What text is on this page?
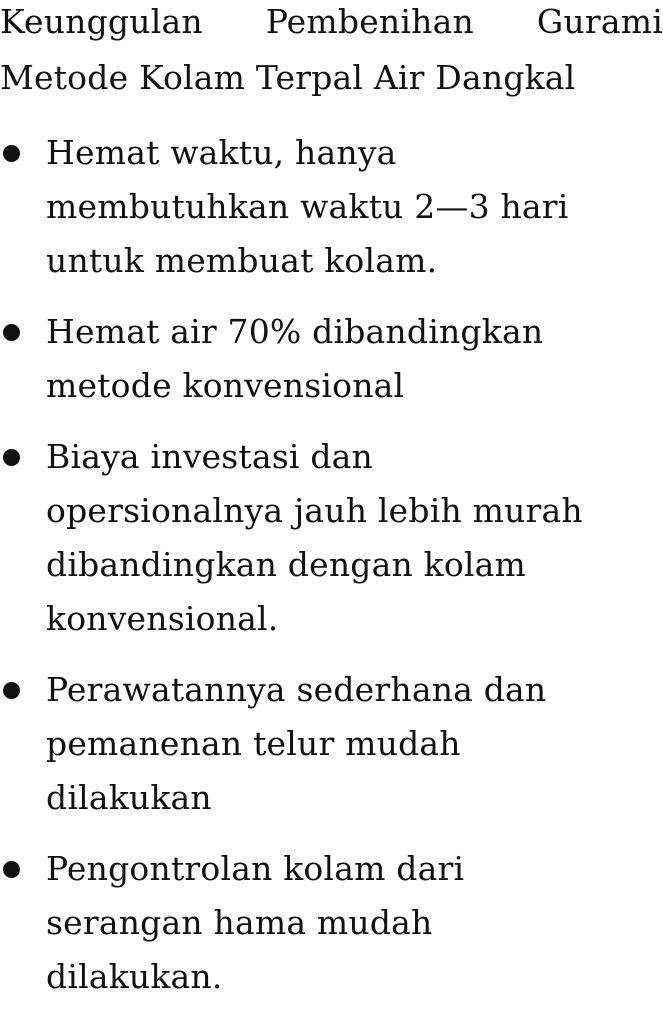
Keunggulan Pembenihan Gurami
Metode Kolam Terpal Air Dangkal
Hemat waktu, hanya
membutuhkan waktu 2—3 hari
untuk membuat kolam.
Hemat air 70% dibandingkan
metode konvensional
Biaya investasi dan
opersionalnya jauh lebih murah
dibandingkan dengan kolam
konvensional.
Perawatannya sederhana dan
pemanenan telur mudah
dilakukan
Pengontrolan kolam dari
serangan hama mudah
dilakukan.
